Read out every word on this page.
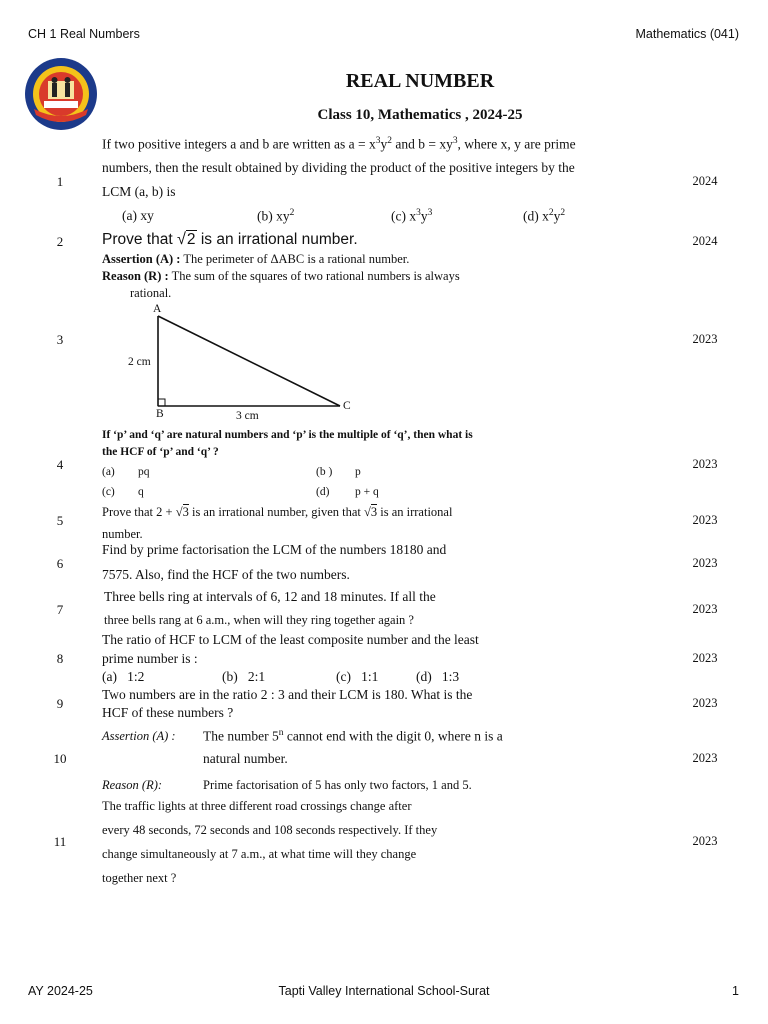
CH 1 Real Numbers	Mathematics (041)
REAL NUMBER
Class 10, Mathematics , 2024-25
1	2024
If two positive integers a and b are written as $a = x^3y^2$ and $b = xy^3$, where x, y are prime
numbers, then the result obtained by dividing the product of the positive integers by the
LCM (a, b) is
(a) xy	(b) $xy^2$	(c) $x^3y^3$	(d) $x^2y^2$
2	2024
Prove that √2 is an irrational number.
3	2023
Assertion (A) : The perimeter of ΔABC is a rational number.
Reason (R) : The sum of the squares of two rational numbers is always
rational.
A
B
C
2 cm
3 cm
4	2023
If ‘p’ and ‘q’ are natural numbers and ‘p’ is the multiple of ‘q’, then what is
the HCF of ‘p’ and ‘q’ ?
(a) pq	(b ) p
(c) q	(d) p + q
5	2023
Prove that 2 + √3 is an irrational number, given that √3 is an irrational
number.
6	2023
Find by prime factorisation the LCM of the numbers 18180 and
7575. Also, find the HCF of the two numbers.
7	2023
Three bells ring at intervals of 6, 12 and 18 minutes. If all the
three bells rang at 6 a.m., when will they ring together again ?
8	2023
The ratio of HCF to LCM of the least composite number and the least
prime number is :
(a) 1:2	(b) 2:1	(c) 1:1	(d) 1:3
9	2023
Two numbers are in the ratio 2 : 3 and their LCM is 180. What is the
HCF of these numbers ?
10	2023
Assertion (A) : The number 5$^n$ cannot end with the digit 0, where n is a
natural number.
Reason (R):	Prime factorisation of 5 has only two factors, 1 and 5.
11	2023
The traffic lights at three different road crossings change after
every 48 seconds, 72 seconds and 108 seconds respectively. If they
change simultaneously at 7 a.m., at what time will they change
together next ?
AY 2024-25	Tapti Valley International School-Surat	1
